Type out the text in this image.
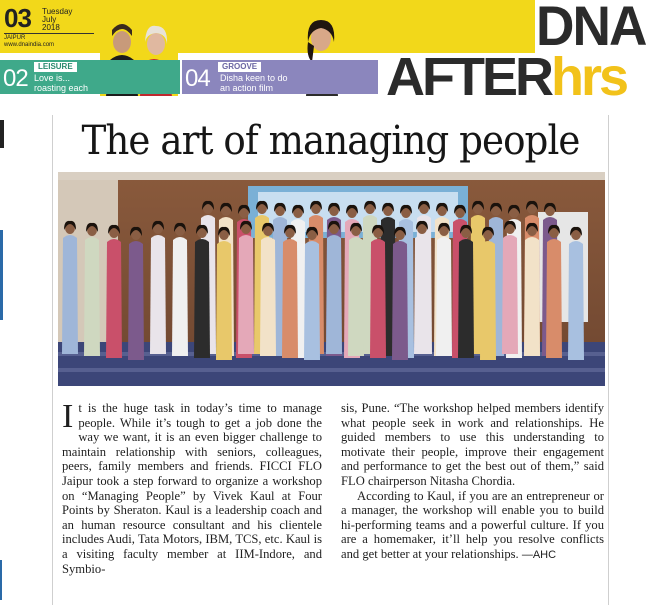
03 Tuesday
July
2018
JAIPUR
www.dnaindia.com
02	LEISURE
Love is... roasting each other
04	GROOVE
Disha keen to do an action film
DNA
AFTERhrs
The art of managing people
I t is the huge task in today’s time to manage people. While it’s tough to get a job done the way we want, it is an even bigger challenge to maintain relationship with seniors, colleagues, peers, family members and friends. FICCI FLO Jaipur took a step forward to organize a workshop on “Managing People” by Vivek Kaul at Four Points by Sheraton. Kaul is a leadership coach and an human resource consultant and his clientele includes Audi, Tata Motors, IBM, TCS, etc. Kaul is a visiting faculty member at IIM-Indore, and Symbio-

sis, Pune. “The workshop helped members identify what people seek in work and relationships. He guided members to use this understanding to motivate their people, improve their engagement and performance to get the best out of them,” said FLO chairperson Nitasha Chordia.

According to Kaul, if you are an entrepreneur or a manager, the workshop will enable you to build hi-performing teams and a powerful culture. If you are a homemaker, it’ll help you resolve conflicts and get better at your relationships. —AHC
